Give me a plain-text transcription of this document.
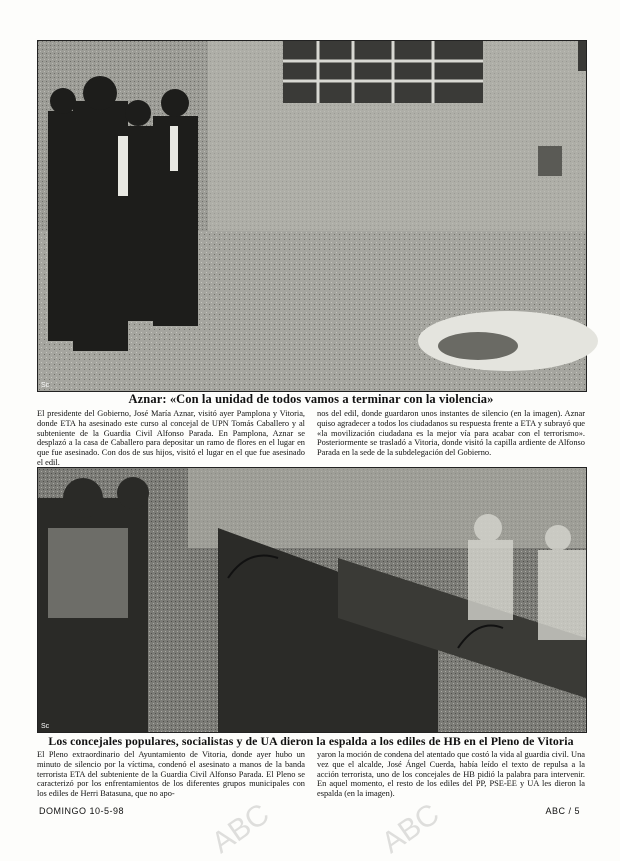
Sc
Aznar: «Con la unidad de todos vamos a terminar con la violencia»
El presidente del Gobierno, José María Aznar, visitó ayer Pamplona y Vitoria, donde ETA ha asesinado este curso al concejal de UPN Tomás Caballero y al subteniente de la Guardia Civil Alfonso Parada. En Pamplona, Aznar se desplazó a la casa de Caballero para depositar un ramo de flores en el lugar en que fue asesinado. Con dos de sus hijos, visitó el lugar en el que fue asesinado el edil.
nos del edil, donde guardaron unos instantes de silencio (en la imagen). Aznar quiso agradecer a todos los ciudadanos su respuesta frente a ETA y subrayó que «la movilización ciudadana es la mejor vía para acabar con el terrorismo». Posteriormente se trasladó a Vitoria, donde visitó la capilla ardiente de Alfonso Parada en la sede de la subdelegación del Gobierno.
Sc
Los concejales populares, socialistas y de UA dieron la espalda a los ediles de HB en el Pleno de Vitoria
El Pleno extraordinario del Ayuntamiento de Vitoria, donde ayer hubo un minuto de silencio por la víctima, condenó el asesinato a manos de la banda terrorista ETA del subteniente de la Guardia Civil Alfonso Parada. El Pleno se caracterizó por los enfrentamientos de los diferentes grupos municipales con los ediles de Herri Batasuna, que no apo-
yaron la moción de condena del atentado que costó la vida al guardia civil. Una vez que el alcalde, José Ángel Cuerda, había leído el texto de repulsa a la acción terrorista, uno de los concejales de HB pidió la palabra para intervenir. En aquel momento, el resto de los ediles del PP, PSE-EE y UA les dieron la espalda (en la imagen).
DOMINGO 10-5-98	ABC / 5
ABC	ABC
